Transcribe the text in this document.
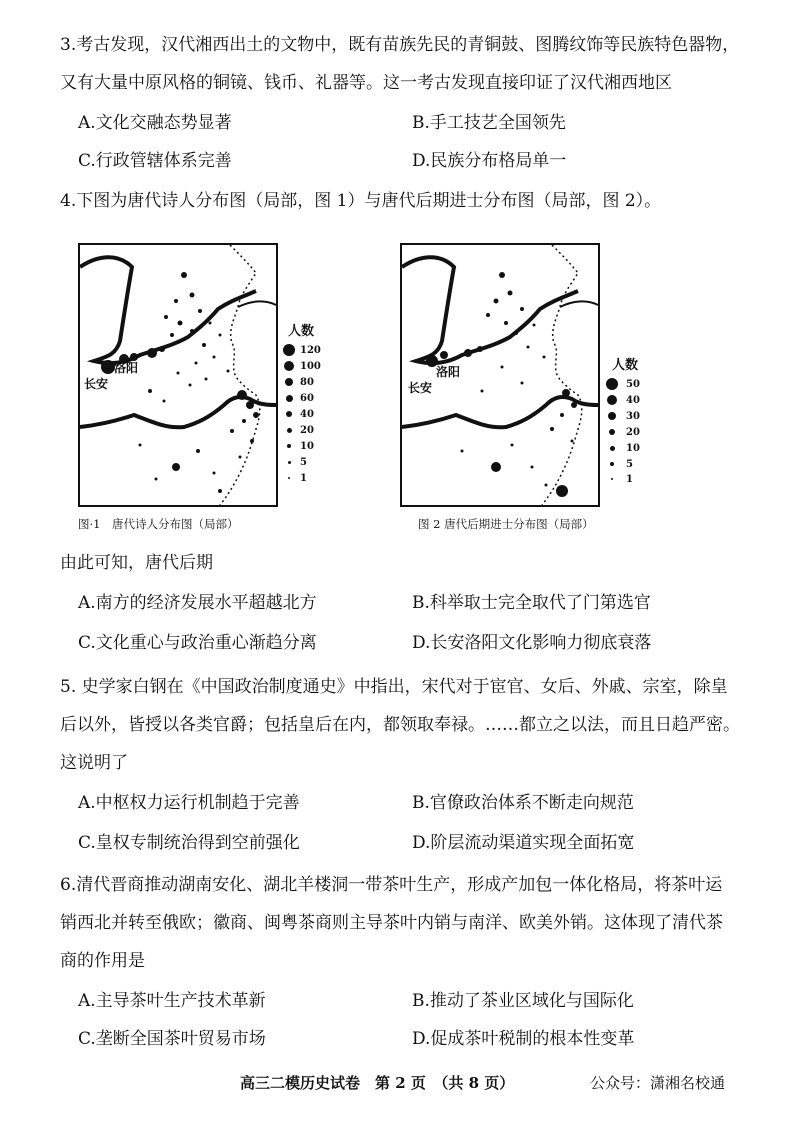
3.考古发现，汉代湘西出土的文物中，既有苗族先民的青铜鼓、图腾纹饰等民族特色器物，
又有大量中原风格的铜镜、钱币、礼器等。这一考古发现直接印证了汉代湘西地区
A.文化交融态势显著	B.手工技艺全国领先
C.行政管辖体系完善	D.民族分布格局单一
4.下图为唐代诗人分布图（局部，图 1）与唐代后期进士分布图（局部，图 2）。
洛阳
长安
人数
120
100
80
60
40
20
10
5
1
图·1　唐代诗人分布图（局部）
洛阳
长安
人数
50
40
30
20
10
5
1
图 2 唐代后期进士分布图（局部）
由此可知，唐代后期
A.南方的经济发展水平超越北方	B.科举取士完全取代了门第选官
C.文化重心与政治重心渐趋分离	D.长安洛阳文化影响力彻底衰落
5. 史学家白钢在《中国政治制度通史》中指出，宋代对于宦官、女后、外戚、宗室，除皇
后以外，皆授以各类官爵；包括皇后在内，都领取奉禄。……都立之以法，而且日趋严密。
这说明了
A.中枢权力运行机制趋于完善	B.官僚政治体系不断走向规范
C.皇权专制统治得到空前强化	D.阶层流动渠道实现全面拓宽
6.清代晋商推动湖南安化、湖北羊楼洞一带茶叶生产，形成产加包一体化格局，将茶叶运
销西北并转至俄欧；徽商、闽粤茶商则主导茶叶内销与南洋、欧美外销。这体现了清代茶
商的作用是
A.主导茶叶生产技术革新	B.推动了茶业区域化与国际化
C.垄断全国茶叶贸易市场	D.促成茶叶税制的根本性变革
高三二模历史试卷　第 2 页　（共 8 页）	公众号：潇湘名校通
